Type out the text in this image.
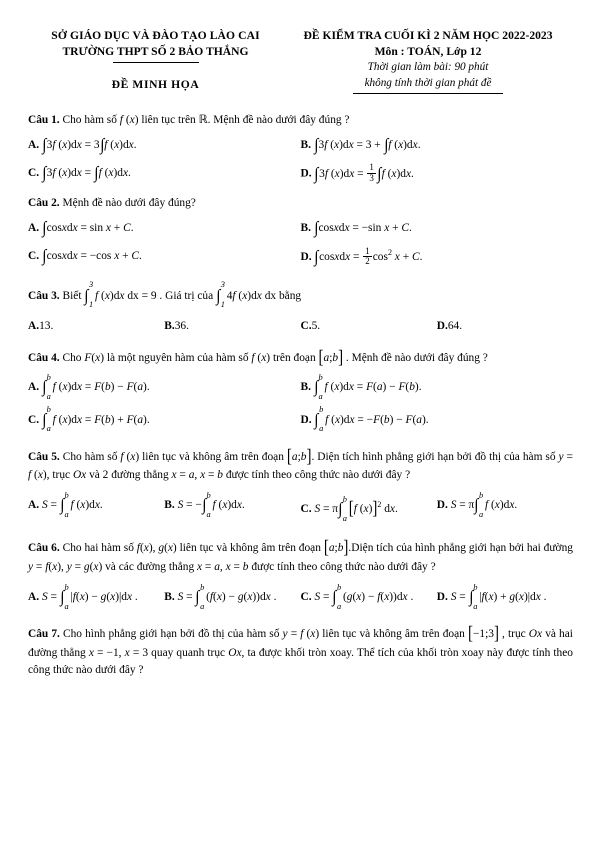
SỞ GIÁO DỤC VÀ ĐÀO TẠO LÀO CAI
TRƯỜNG THPT SỐ 2 BẢO THẮNG
ĐỀ MINH HỌA
ĐỀ KIỂM TRA CUỐI KÌ 2 NĂM HỌC 2022-2023
Môn : TOÁN, Lớp 12
Thời gian làm bài: 90 phút
không tính thời gian phát đề
Câu 1. Cho hàm số f (x) liên tục trên ℝ. Mệnh đề nào dưới đây đúng ?
A. ∫3f (x)dx = 3∫f (x)dx.	B. ∫3f (x)dx = 3 + ∫f (x)dx.
C. ∫3f (x)dx = ∫f (x)dx.	D. ∫3f $(x)dx = \frac{1}{3} \int f$ (x)dx.
Câu 2. Mệnh đề nào dưới đây đúng?
A. ∫cosxdx = sin x + C.	B. ∫cosxdx = −sin x + C.
C. ∫cosxdx = −cos x + C.	D. ∫cosxdx = $\frac{1}{2} \cos^2 x + C$.
Câu 3. Biết ∫
3
1
f (x)dx dx = 9 . Giá trị của ∫
3
1
4f (x)dx dx bằng
A.13.	B.36.	C.5.	D.64.
Câu 4. Cho F(x) là một nguyên hàm của hàm số f (x) trên đoạn [a;b] . Mệnh đề nào dưới đây đúng ?
A. ∫ b
a
f (x)dx = F(b) − F(a).	B. ∫ b
a
f (x)dx = F(a) − F(b).
C. ∫ b
a
f (x)dx = F(b) + F(a).	D. ∫ b
a
f (x)dx = −F(b) − F(a).
Câu 5. Cho hàm số f (x) liên tục và không âm trên đoạn [a;b]. Diện tích hình phẳng giới hạn bởi đồ thị của hàm số y = f (x), trục Ox và 2 đường thẳng x = a, x = b được tính theo công thức nào dưới đây ?
A. S = ∫ b
a
f (x)dx.	B. S = −∫ b
a
f (x)dx.	C. S = π∫ b
a [f (x)]$^2$ dx.	D. S = π∫ b
a
f (x)dx.
Câu 6. Cho hai hàm số f(x), g(x) liên tục và không âm trên đoạn [a;b].Diện tích của hình phẳng giới hạn bởi hai đường y = f(x), y = g(x) và các đường thẳng x = a, x = b được tính theo công thức nào dưới đây ?
A. S = ∫ b
a
|f(x) − g(x)|dx .	B. S = ∫ b
a
(f(x) − g(x))dx .	C. S = ∫ b
a
(g(x) − f(x))dx .	D. S = ∫ b
a
|f(x) + g(x)|dx .
Câu 7. Cho hình phẳng giới hạn bởi đồ thị của hàm số y = f (x) liên tục và không âm trên đoạn [−1;3] , trục Ox và hai đường thẳng x = −1, x = 3 quay quanh trục Ox, ta được khối tròn xoay. Thể tích của khối tròn xoay này được tính theo công thức nào dưới đây ?
